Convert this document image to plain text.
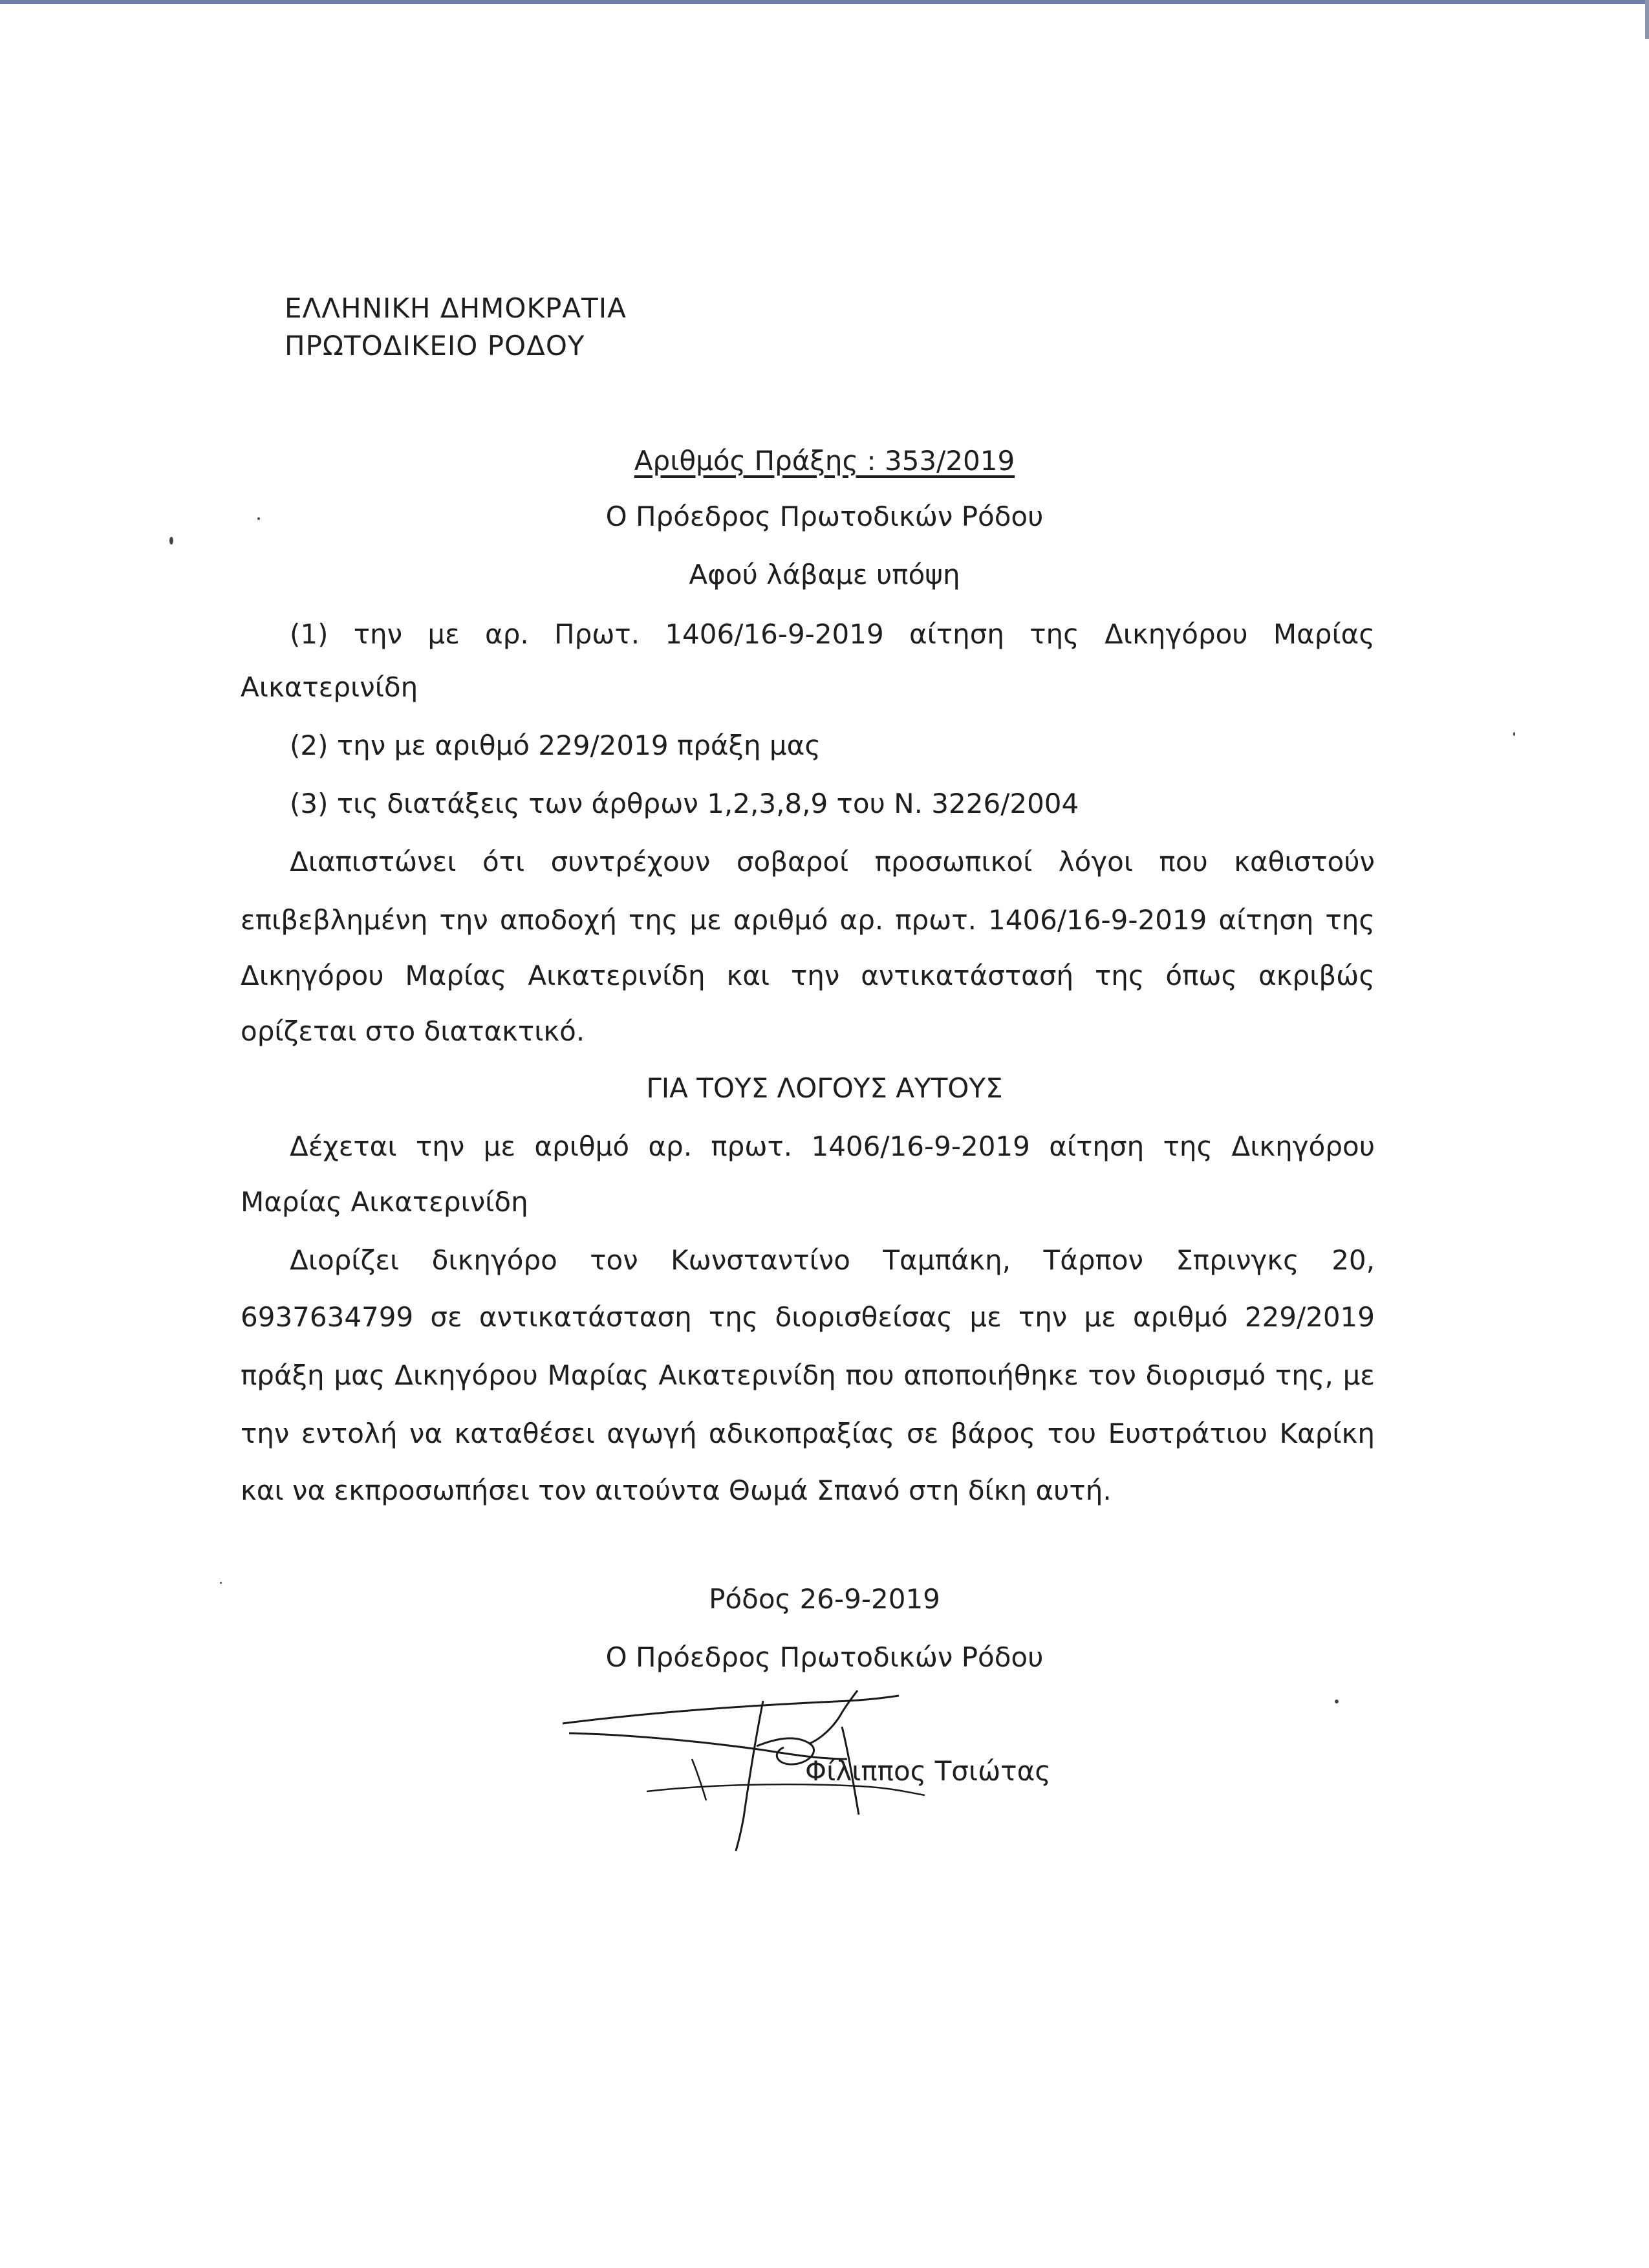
ΕΛΛΗΝΙΚΗ ΔΗΜΟΚΡΑΤΙΑ
ΠΡΩΤΟΔΙΚΕΙΟ ΡΟΔΟΥ
Αριθμός Πράξης : 353/2019
Ο Πρόεδρος Πρωτοδικών Ρόδου
Αφού λάβαμε υπόψη
(1) την με αρ. Πρωτ. 1406/16-9-2019 αίτηση της Δικηγόρου Μαρίας
Αικατερινίδη
(2) την με αριθμό 229/2019 πράξη μας
(3) τις διατάξεις των άρθρων 1,2,3,8,9 του Ν. 3226/2004
Διαπιστώνει ότι συντρέχουν σοβαροί προσωπικοί λόγοι που καθιστούν
επιβεβλημένη την αποδοχή της με αριθμό αρ. πρωτ. 1406/16-9-2019 αίτηση της
Δικηγόρου Μαρίας Αικατερινίδη και την αντικατάστασή της όπως ακριβώς
ορίζεται στο διατακτικό.
ΓΙΑ ΤΟΥΣ ΛΟΓΟΥΣ ΑΥΤΟΥΣ
Δέχεται την με αριθμό αρ. πρωτ. 1406/16-9-2019 αίτηση της Δικηγόρου
Μαρίας Αικατερινίδη
Διορίζει δικηγόρο τον Κωνσταντίνο Ταμπάκη, Τάρπον Σπρινγκς 20,
6937634799 σε αντικατάσταση της διορισθείσας με την με αριθμό 229/2019
πράξη μας Δικηγόρου Μαρίας Αικατερινίδη που αποποιήθηκε τον διορισμό της, με
την εντολή να καταθέσει αγωγή αδικοπραξίας σε βάρος του Ευστράτιου Καρίκη
και να εκπροσωπήσει τον αιτούντα Θωμά Σπανό στη δίκη αυτή.
Ρόδος 26-9-2019
Ο Πρόεδρος Πρωτοδικών Ρόδου
Φίλιππος Τσιώτας
